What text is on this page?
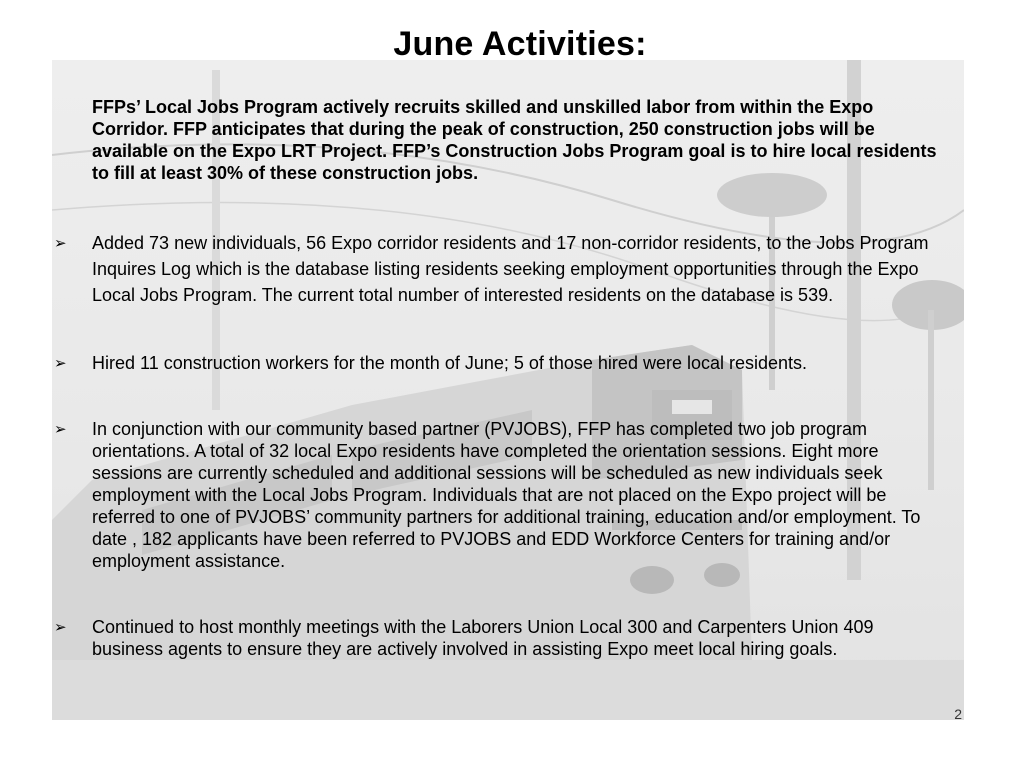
June Activities:

FFPs’ Local Jobs Program actively recruits skilled and unskilled labor from within the Expo Corridor. FFP anticipates that during the peak of construction, 250 construction jobs will be available on the Expo LRT Project. FFP’s Construction Jobs Program goal is to hire local residents to fill at least 30% of these construction jobs.

➢ Added 73 new individuals, 56 Expo corridor residents and 17 non-corridor residents, to the Jobs Program Inquires Log which is the database listing residents seeking employment opportunities through the Expo Local Jobs Program. The current total number of interested residents on the database is 539.
➢ Hired 11 construction workers for the month of June; 5 of those hired were local residents.
➢ In conjunction with our community based partner (PVJOBS), FFP has completed two job program orientations. A total of 32 local Expo residents have completed the orientation sessions. Eight more sessions are currently scheduled and additional sessions will be scheduled as new individuals seek employment with the Local Jobs Program. Individuals that are not placed on the Expo project will be referred to one of PVJOBS’ community partners for additional training, education and/or employment. To date , 182 applicants have been referred to PVJOBS and EDD Workforce Centers for training and/or employment assistance.
➢ Continued to host monthly meetings with the Laborers Union Local 300 and Carpenters Union 409 business agents to ensure they are actively involved in assisting Expo meet local hiring goals.
2
